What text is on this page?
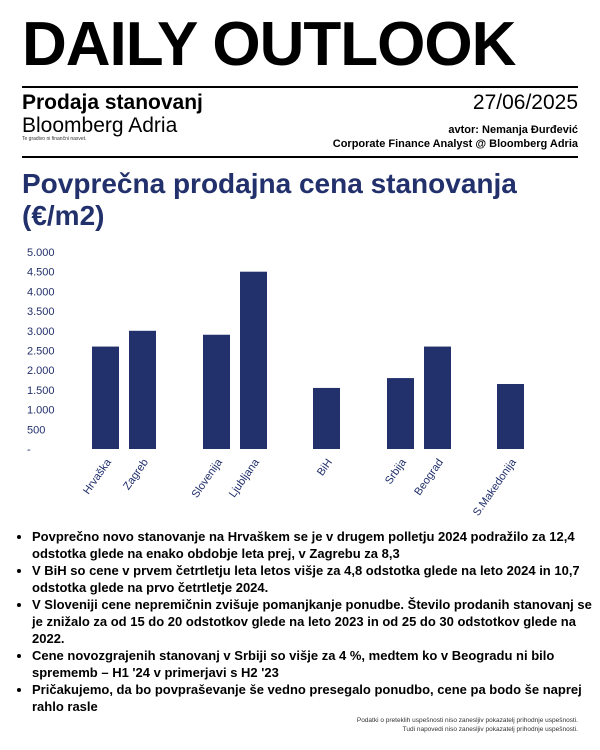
DAILY OUTLOOK
Prodaja stanovanj
Bloomberg Adria
Te gradivo ni finančni nasvet.
27/06/2025
avtor: Nemanja Đurđević
Corporate Finance Analyst @ Bloomberg Adria
Povprečna prodajna cena stanovanja (€/m2)
-
500
1.000
1.500
2.000
2.500
3.000
3.500
4.000
4.500
5.000
Hrvaška Zagreb	Slovenija Ljubljana	BiH	Srbija Beograd S.Makedonija
• Povprečno novo stanovanje na Hrvaškem se je v drugem polletju 2024 podražilo za 12,4 odstotka glede na enako obdobje leta prej, v Zagrebu za 8,3
• V BiH so cene v prvem četrtletju leta letos višje za 4,8 odstotka glede na leto 2024 in 10,7 odstotka glede na prvo četrtletje 2024.
• V Sloveniji cene nepremičnin zvišuje pomanjkanje ponudbe. Število prodanih stanovanj se je znižalo za od 15 do 20 odstotkov glede na leto 2023 in od 25 do 30 odstotkov glede na 2022.
• Cene novozgrajenih stanovanj v Srbiji so višje za 4 %, medtem ko v Beogradu ni bilo sprememb – H1 '24 v primerjavi s H2 '23
• Pričakujemo, da bo povpraševanje še vedno presegalo ponudbo, cene pa bodo še naprej rahlo rasle
Podatki o preteklih uspešnosti niso zanesljiv pokazatelj prihodnje uspešnosti.
Tudi napovedi niso zanesljiv pokazatelj prihodnje uspešnosti.
